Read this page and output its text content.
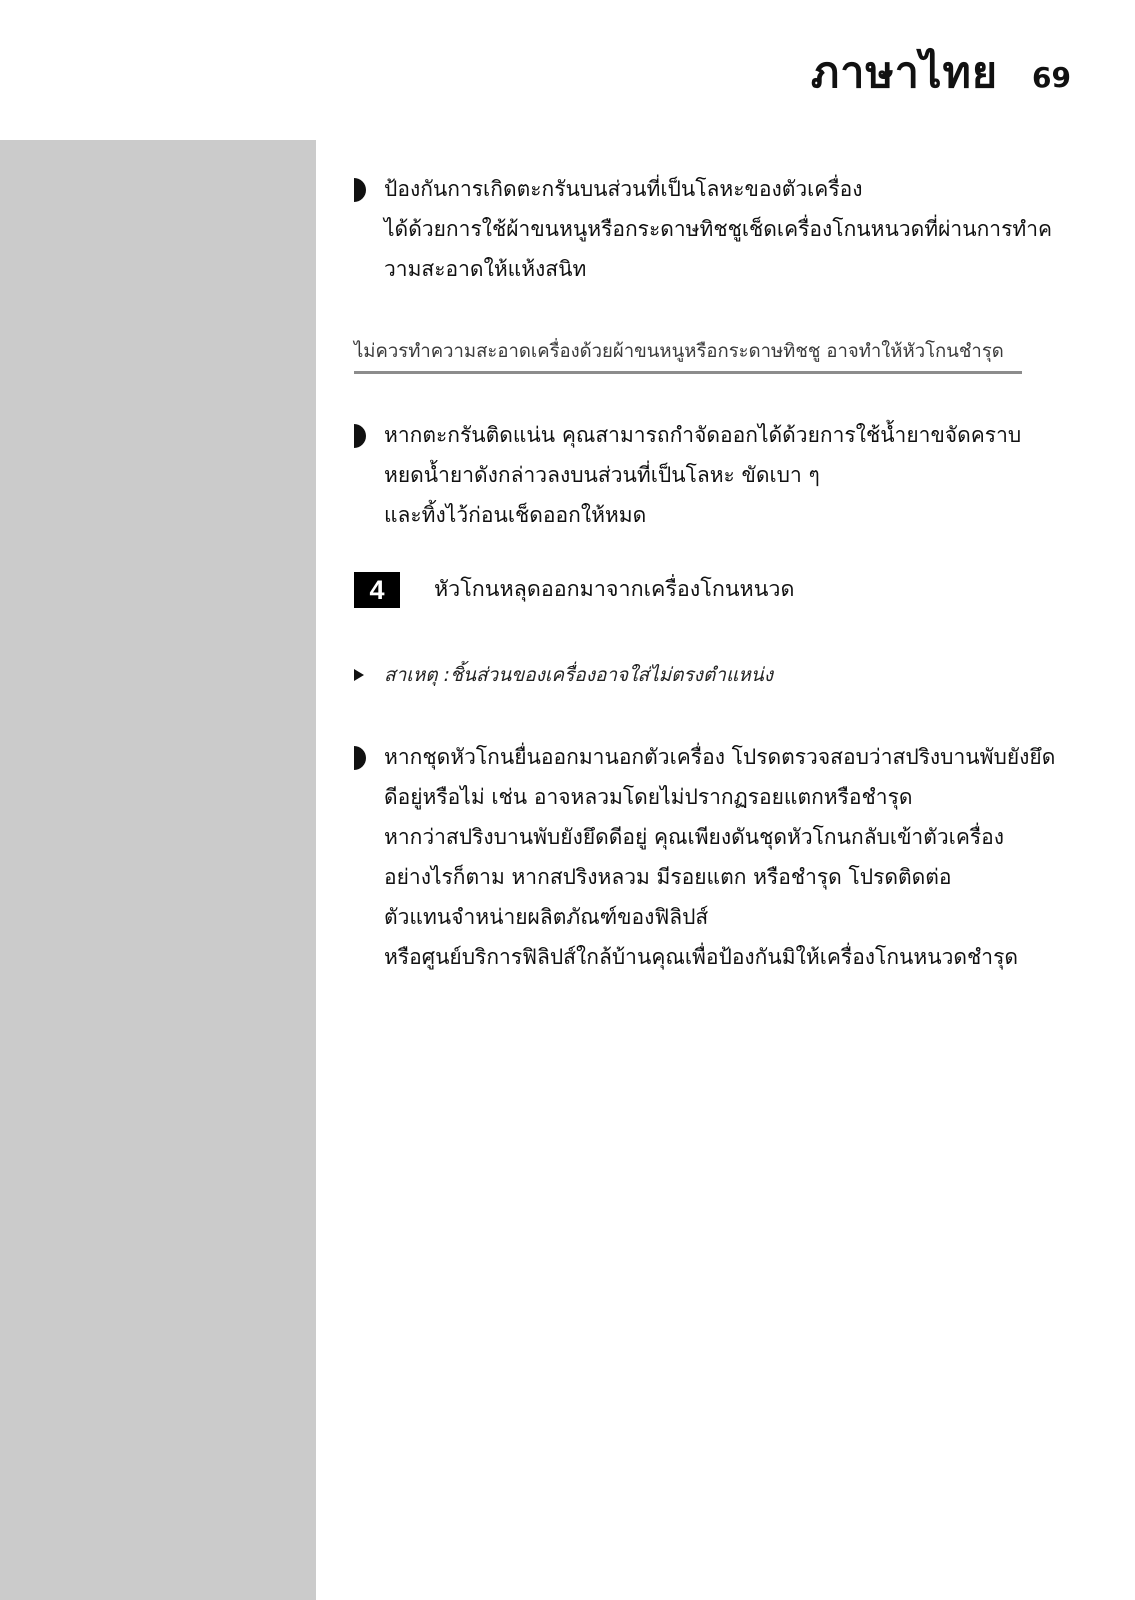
ภาษาไทย 69
ป้องกันการเกิดตะกรันบนส่วนที่เป็นโลหะของตัวเครื่อง
ได้ด้วยการใช้ผ้าขนหนูหรือกระดาษทิชชูเช็ดเครื่องโกนหนวดที่ผ่านการทำค
วามสะอาดให้แห้งสนิท
ไม่ควรทำความสะอาดเครื่องด้วยผ้าขนหนูหรือกระดาษทิชชู อาจทำให้หัวโกนชำรุด
หากตะกรันติดแน่น คุณสามารถกำจัดออกได้ด้วยการใช้น้ำยาขจัดคราบ
หยดน้ำยาดังกล่าวลงบนส่วนที่เป็นโลหะ ขัดเบา ๆ
และทิ้งไว้ก่อนเช็ดออกให้หมด
4	หัวโกนหลุดออกมาจากเครื่องโกนหนวด
สาเหตุ :ชิ้นส่วนของเครื่องอาจใส่ไม่ตรงตำแหน่ง
หากชุดหัวโกนยื่นออกมานอกตัวเครื่อง โปรดตรวจสอบว่าสปริงบานพับยังยึด
ดีอยู่หรือไม่ เช่น อาจหลวมโดยไม่ปรากฏรอยแตกหรือชำรุด
หากว่าสปริงบานพับยังยึดดีอยู่ คุณเพียงดันชุดหัวโกนกลับเข้าตัวเครื่อง
อย่างไรก็ตาม หากสปริงหลวม มีรอยแตก หรือชำรุด โปรดติดต่อ
ตัวแทนจำหน่ายผลิตภัณฑ์ของฟิลิปส์
หรือศูนย์บริการฟิลิปส์ใกล้บ้านคุณเพื่อป้องกันมิให้เครื่องโกนหนวดชำรุด
